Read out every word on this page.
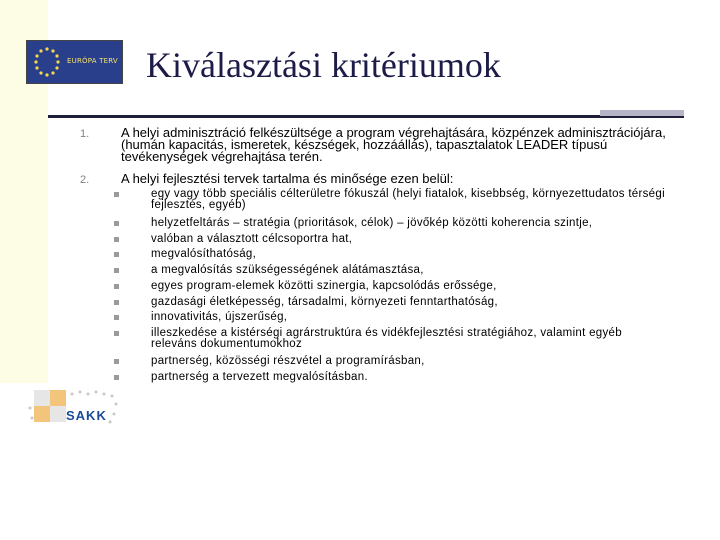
EURÓPA TERV Kiválasztási kritériumok
1. A helyi adminisztráció felkészültsége a program végrehajtására, közpénzek adminisztrációjára, (humán kapacitás, ismeretek, készségek, hozzáállás), tapasztalatok LEADER típusú tevékenységek végrehajtása terén.
2. A helyi fejlesztési tervek tartalma és minősége ezen belül:
egy vagy több speciális célterületre fókuszál (helyi fiatalok, kisebbség, környezettudatos térségi fejlesztés, egyéb)
helyzetfeltárás – stratégia (prioritások, célok) – jövőkép közötti koherencia szintje,
valóban a választott célcsoportra hat,
megvalósíthatóság,
a megvalósítás szükségességének alátámasztása,
egyes program-elemek közötti szinergia, kapcsolódás erőssége,
gazdasági életképesség, társadalmi, környezeti fenntarthatóság,
innovativitás, újszerűség,
illeszkedése a kistérségi agrárstruktúra és vidékfejlesztési stratégiához, valamint egyéb releváns dokumentumokhoz
partnerség, közösségi részvétel a programírásban,
partnerség a tervezett megvalósításban.
SAKK
